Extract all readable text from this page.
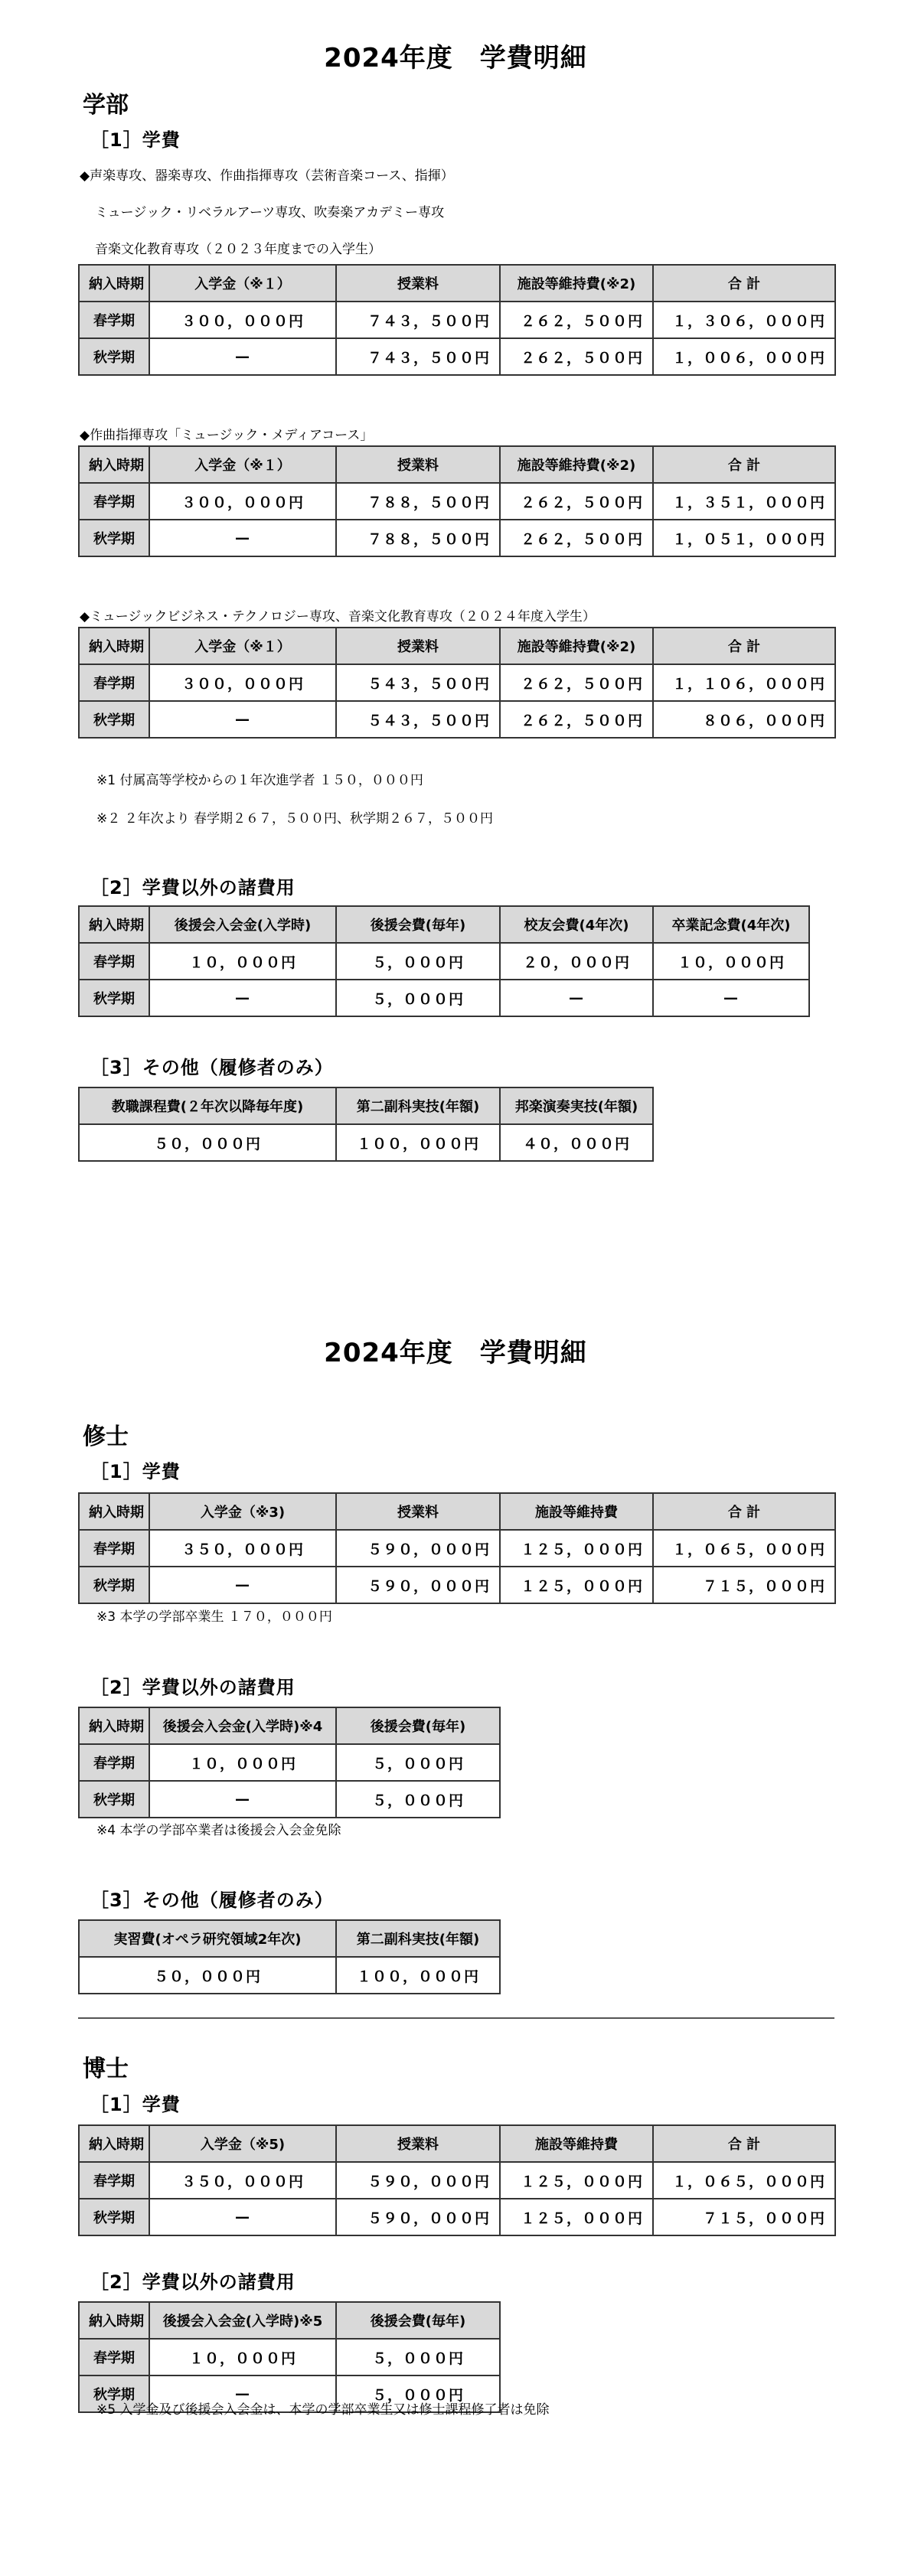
2024年度　学費明細
学部
［1］学費
◆声楽専攻、器楽専攻、作曲指揮専攻（芸術音楽コース、指揮）
ミュージック・リベラルアーツ専攻、吹奏楽アカデミー専攻
音楽文化教育専攻（２０２３年度までの入学生）
納入時期	入学金（※１）	授業料	施設等維持費(※2)	合 計
春学期	３００，０００円	７４３，５００円	２６２，５００円	１，３０６，０００円
秋学期	—	７４３，５００円	２６２，５００円	１，００６，０００円
◆作曲指揮専攻「ミュージック・メディアコース」
納入時期	入学金（※１）	授業料	施設等維持費(※2)	合 計
春学期	３００，０００円	７８８，５００円	２６２，５００円	１，３５１，０００円
秋学期	—	７８８，５００円	２６２，５００円	１，０５１，０００円
◆ミュージックビジネス・テクノロジー専攻、音楽文化教育専攻（２０２４年度入学生）
納入時期	入学金（※１）	授業料	施設等維持費(※2)	合 計
春学期	３００，０００円	５４３，５００円	２６２，５００円	１，１０６，０００円
秋学期	—	５４３，５００円	２６２，５００円	８０６，０００円
※1 付属高等学校からの１年次進学者 １５０，０００円
※２ ２年次より 春学期２６７，５００円、秋学期２６７，５００円
［2］学費以外の諸費用
納入時期	後援会入会金(入学時)	後援会費(毎年)	校友会費(4年次)	卒業記念費(4年次)
春学期	１０，０００円	５，０００円	２０，０００円	１０，０００円
秋学期	—	５，０００円	—	—
［3］その他（履修者のみ）
教職課程費(２年次以降毎年度)	第二副科実技(年額)	邦楽演奏実技(年額)
５０，０００円	１００，０００円	４０，０００円
2024年度　学費明細
修士
［1］学費
納入時期	入学金（※3)	授業料	施設等維持費	合 計
春学期	３５０，０００円	５９０，０００円	１２５，０００円	１，０６５，０００円
秋学期	—	５９０，０００円	１２５，０００円	７１５，０００円
※3 本学の学部卒業生 １７０，０００円
［2］学費以外の諸費用
納入時期	後援会入会金(入学時)※4	後援会費(毎年)
春学期	１０，０００円	５，０００円
秋学期	—	５，０００円
※4 本学の学部卒業者は後援会入会金免除
［3］その他（履修者のみ）
実習費(オペラ研究領域2年次)	第二副科実技(年額)
５０，０００円	１００，０００円
博士
［1］学費
納入時期	入学金（※5)	授業料	施設等維持費	合 計
春学期	３５０，０００円	５９０，０００円	１２５，０００円	１，０６５，０００円
秋学期	—	５９０，０００円	１２５，０００円	７１５，０００円
［2］学費以外の諸費用
納入時期	後援会入会金(入学時)※5	後援会費(毎年)
春学期	１０，０００円	５，０００円
秋学期	—	５，０００円
※5 入学金及び後援会入会金は、本学の学部卒業生又は修士課程修了者は免除
